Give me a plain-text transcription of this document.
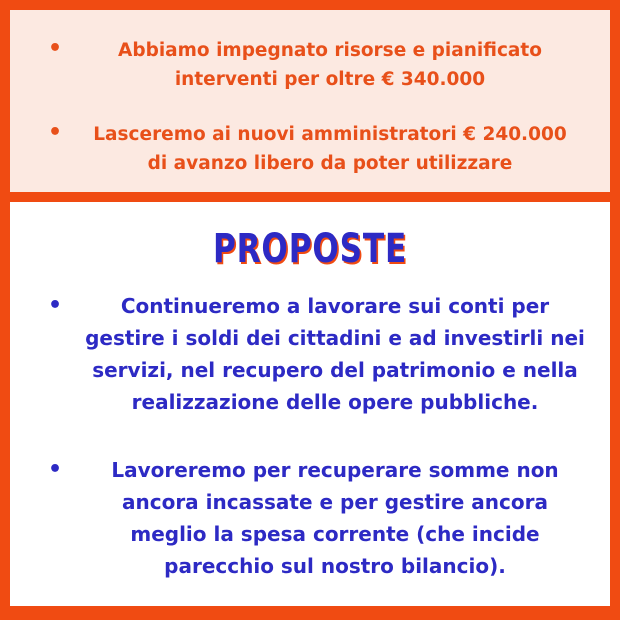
•	Abbiamo impegnato risorse e pianificato
interventi per oltre € 340.000
•	Lasceremo ai nuovi amministratori € 240.000
di avanzo libero da poter utilizzare
PROPOSTE
•	Continueremo a lavorare sui conti per
gestire i soldi dei cittadini e ad investirli nei
servizi, nel recupero del patrimonio e nella
realizzazione delle opere pubbliche.
•	Lavoreremo per recuperare somme non
ancora incassate e per gestire ancora
meglio la spesa corrente (che incide
parecchio sul nostro bilancio).
